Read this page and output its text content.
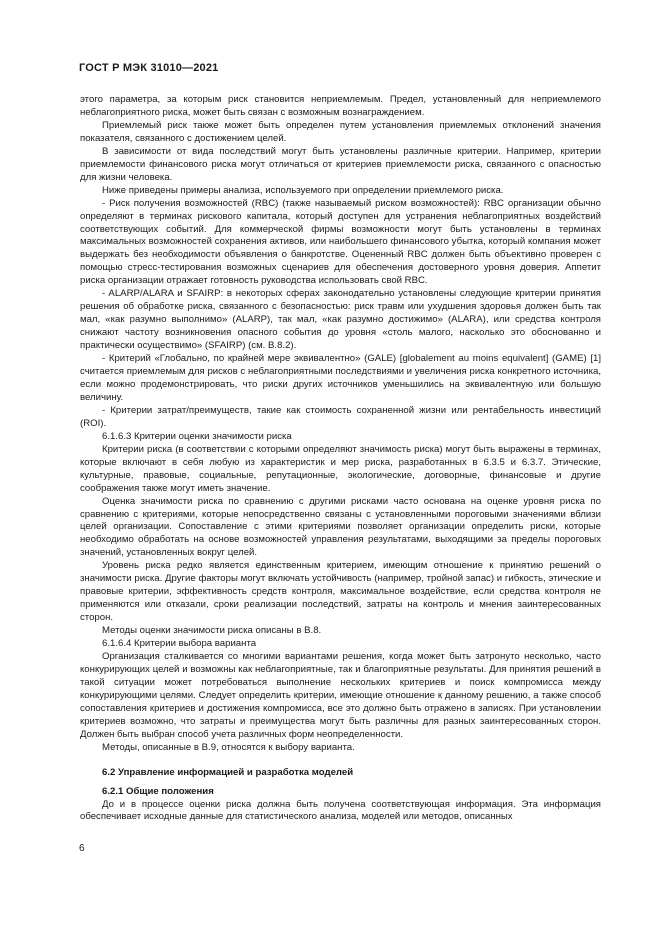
ГОСТ Р МЭК 31010—2021

этого параметра, за которым риск становится неприемлемым. Предел, установленный для неприемлемого неблагоприятного риска, может быть связан с возможным вознаграждением.

Приемлемый риск также может быть определен путем установления приемлемых отклонений значения показателя, связанного с достижением целей.

В зависимости от вида последствий могут быть установлены различные критерии. Например, критерии приемлемости финансового риска могут отличаться от критериев приемлемости риска, связанного с опасностью для жизни человека.

Ниже приведены примеры анализа, используемого при определении приемлемого риска.

- Риск получения возможностей (RBC) (также называемый риском возможностей): RBC организации обычно определяют в терминах рискового капитала, который доступен для устранения неблагоприятных воздействий соответствующих событий. Для коммерческой фирмы возможности могут быть установлены в терминах максимальных возможностей сохранения активов, или наибольшего финансового убытка, который компания может выдержать без необходимости объявления о банкротстве. Оцененный RBC должен быть объективно проверен с помощью стресс-тестирования возможных сценариев для обеспечения достоверного уровня доверия. Аппетит риска организации отражает готовность руководства использовать свой RBC.

- ALARP/ALARA и SFAIRP: в некоторых сферах законодательно установлены следующие критерии принятия решения об обработке риска, связанного с безопасностью: риск травм или ухудшения здоровья должен быть так мал, «как разумно выполнимо» (ALARP), так мал, «как разумно достижимо» (ALARA), или средства контроля снижают частоту возникновения опасного события до уровня «столь малого, насколько это обоснованно и практически осуществимо» (SFAIRP) (см. В.8.2).

- Критерий «Глобально, по крайней мере эквивалентно» (GALE) [globalement au moins equivalent] (GAME) [1] считается приемлемым для рисков с неблагоприятными последствиями и увеличения риска конкретного источника, если можно продемонстрировать, что риски других источников уменьшились на эквивалентную или большую величину.

- Критерии затрат/преимуществ, такие как стоимость сохраненной жизни или рентабельность инвестиций (ROI).

6.1.6.3 Критерии оценки значимости риска

Критерии риска (в соответствии с которыми определяют значимость риска) могут быть выражены в терминах, которые включают в себя любую из характеристик и мер риска, разработанных в 6.3.5 и 6.3.7. Этические, культурные, правовые, социальные, репутационные, экологические, договорные, финансовые и другие соображения также могут иметь значение.

Оценка значимости риска по сравнению с другими рисками часто основана на оценке уровня риска по сравнению с критериями, которые непосредственно связаны с установленными пороговыми значениями вблизи целей организации. Сопоставление с этими критериями позволяет организации определить риски, которые необходимо обработать на основе возможностей управления результатами, выходящими за пределы пороговых значений, установленных вокруг целей.

Уровень риска редко является единственным критерием, имеющим отношение к принятию решений о значимости риска. Другие факторы могут включать устойчивость (например, тройной запас) и гибкость, этические и правовые критерии, эффективность средств контроля, максимальное воздействие, если средства контроля не применяются или отказали, сроки реализации последствий, затраты на контроль и мнения заинтересованных сторон.

Методы оценки значимости риска описаны в В.8.

6.1.6.4 Критерии выбора варианта

Организация сталкивается со многими вариантами решения, когда может быть затронуто несколько, часто конкурирующих целей и возможны как неблагоприятные, так и благоприятные результаты. Для принятия решений в такой ситуации может потребоваться выполнение нескольких критериев и поиск компромисса между конкурирующими целями. Следует определить критерии, имеющие отношение к данному решению, а также способ сопоставления критериев и достижения компромисса, все это должно быть отражено в записях. При установлении критериев возможно, что затраты и преимущества могут быть различны для разных заинтересованных сторон. Должен быть выбран способ учета различных форм неопределенности.

Методы, описанные в В.9, относятся к выбору варианта.

6.2 Управление информацией и разработка моделей

6.2.1 Общие положения

До и в процессе оценки риска должна быть получена соответствующая информация. Эта информация обеспечивает исходные данные для статистического анализа, моделей или методов, описанных

6
